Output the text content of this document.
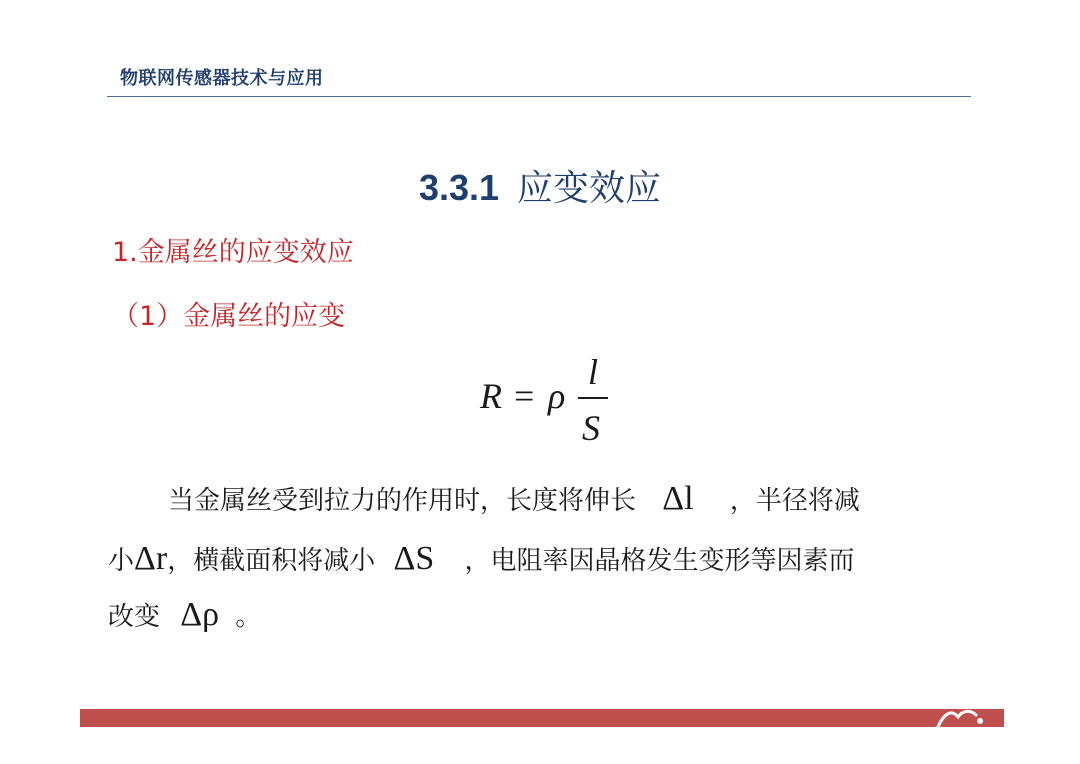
物联网传感器技术与应用
3.3.1 应变效应
1.金属丝的应变效应
（1）金属丝的应变
R = ρ
l
S
当金属丝受到拉力的作用时，长度将伸长 Δl ，半径将减
小Δr，横截面积将减小 ΔS ，电阻率因晶格发生变形等因素而
改变 Δρ 。
